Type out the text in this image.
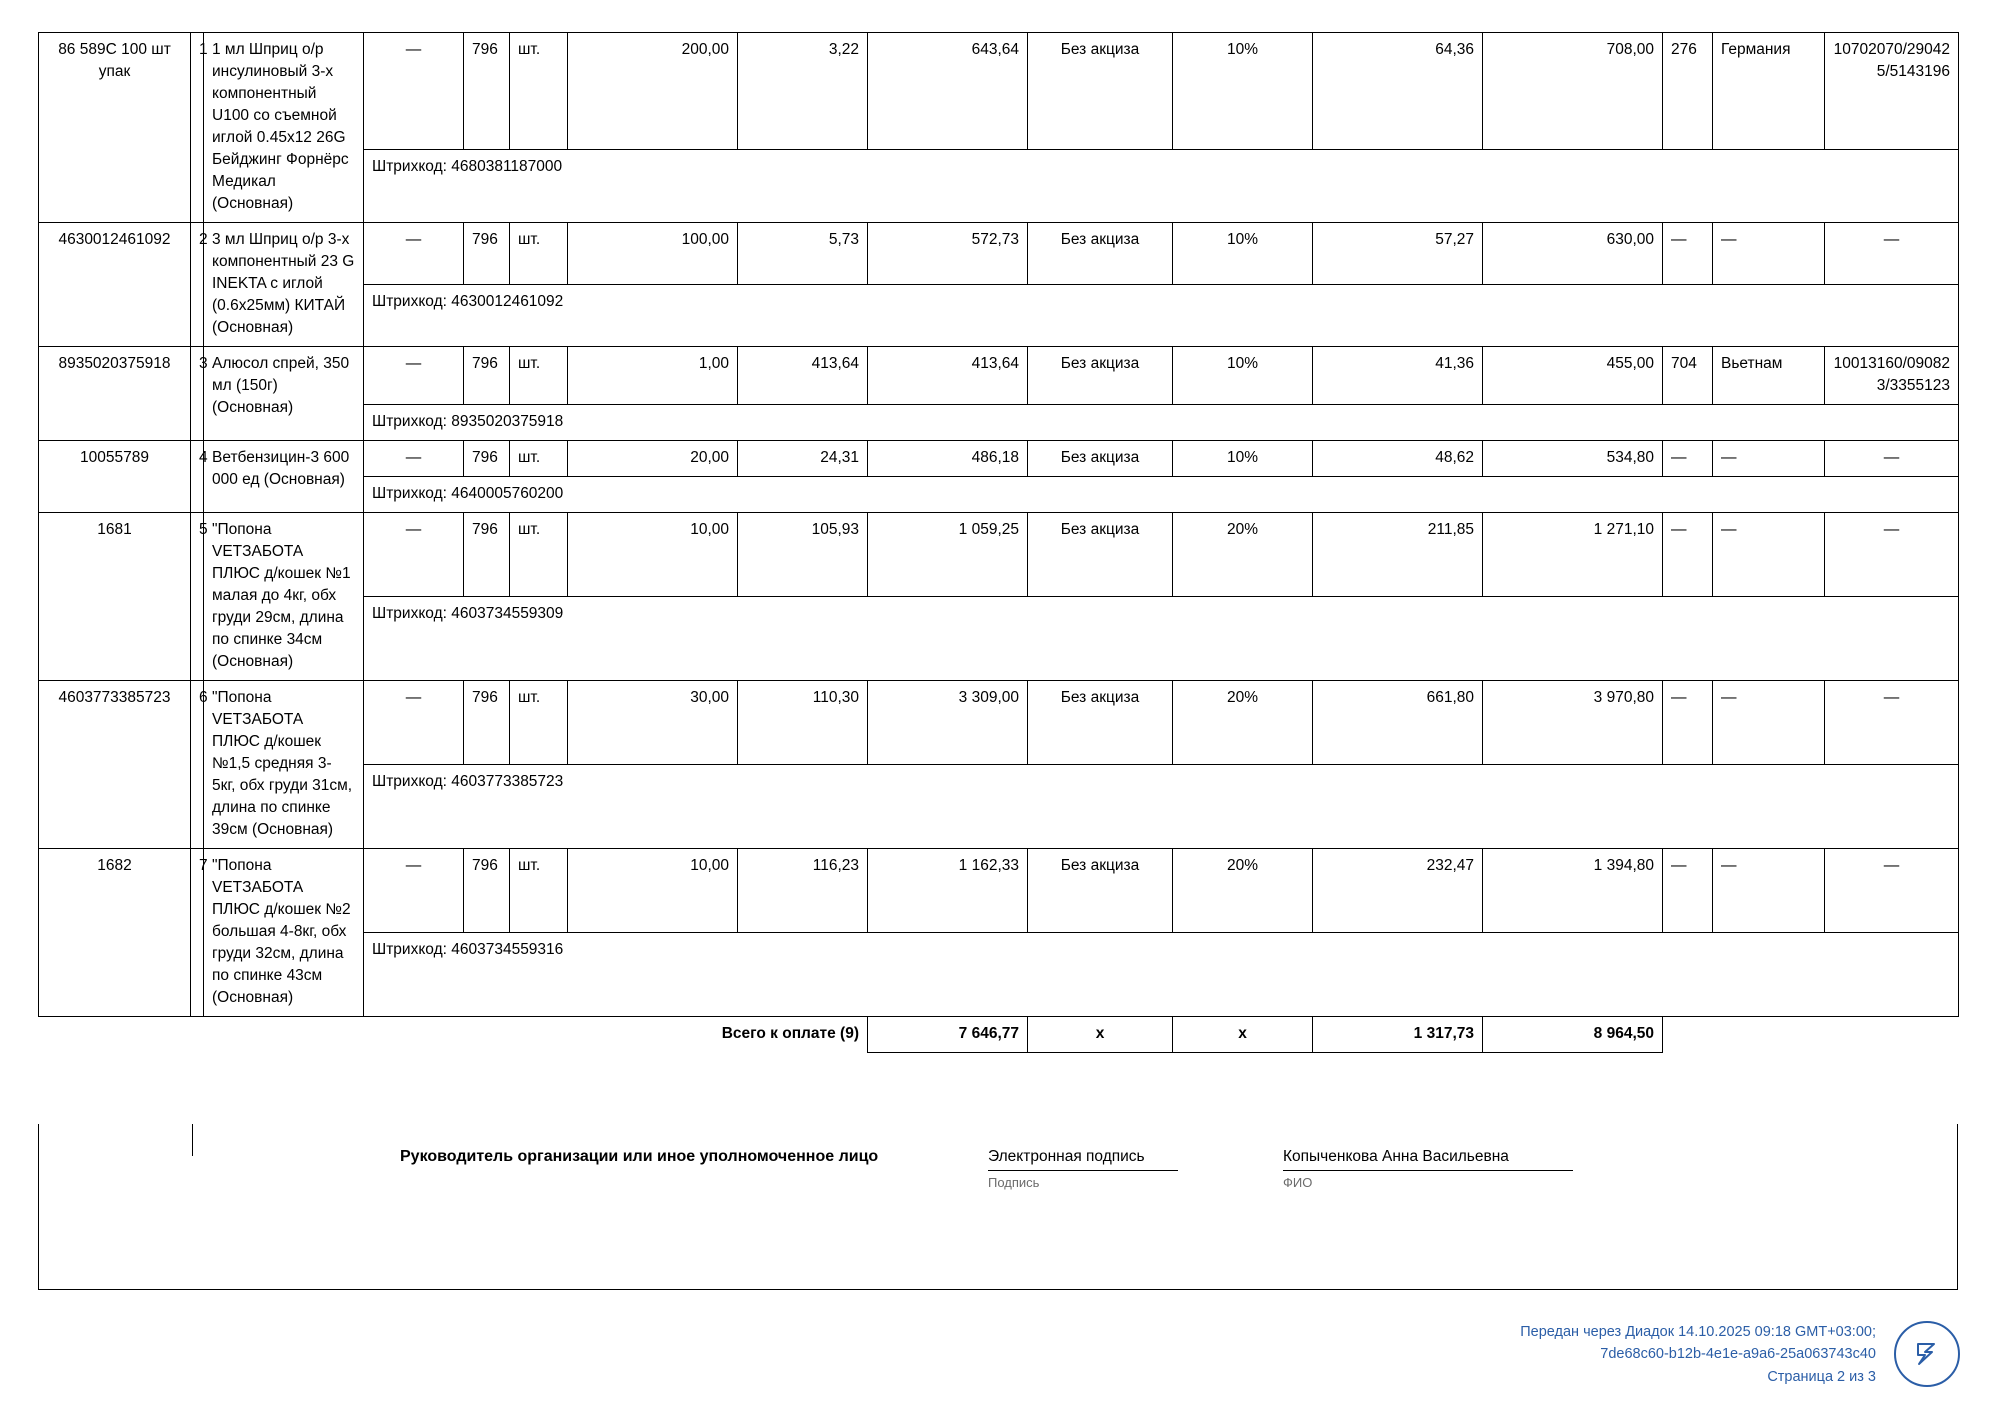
86 589C 100 шт упак	1	1 мл Шприц о/р инсулиновый 3-х компонентный U100 со съемной иглой 0.45x12 26G Бейджинг Форнёрс Медикал (Основная)	—	796	шт.	200,00	3,22	643,64	Без акциза	10%	64,36	708,00	276	Германия	10702070/290425/5143196
			Штрихкод: 4680381187000												
4630012461092	2	3 мл Шприц о/р 3-х компонентный 23 G INEKTA с иглой (0.6x25мм) КИТАЙ (Основная)	—	796	шт.	100,00	5,73	572,73	Без акциза	10%	57,27	630,00	—	—	—
			Штрихкод: 4630012461092												
8935020375918	3	Алюсол спрей, 350 мл (150г) (Основная)	—	796	шт.	1,00	413,64	413,64	Без акциза	10%	41,36	455,00	704	Вьетнам	10013160/090823/3355123
			Штрихкод: 8935020375918												
10055789	4	Ветбензицин-3 600 000 ед (Основная)	—	796	шт.	20,00	24,31	486,18	Без акциза	10%	48,62	534,80	—	—	—
			Штрихкод: 4640005760200												
1681	5	"Попона VETЗАБОТА ПЛЮС д/кошек №1 малая до 4кг, обх груди 29см, длина по спинке 34см (Основная)	—	796	шт.	10,00	105,93	1 059,25	Без акциза	20%	211,85	1 271,10	—	—	—
			Штрихкод: 4603734559309												
4603773385723	6	"Попона VETЗАБОТА ПЛЮС д/кошек №1,5 средняя 3-5кг, обх груди 31см, длина по спинке 39см (Основная)	—	796	шт.	30,00	110,30	3 309,00	Без акциза	20%	661,80	3 970,80	—	—	—
			Штрихкод: 4603773385723												
1682	7	"Попона VETЗАБОТА ПЛЮС д/кошек №2 большая 4-8кг, обх груди 32см, длина по спинке 43см (Основная)	—	796	шт.	10,00	116,23	1 162,33	Без акциза	20%	232,47	1 394,80	—	—	—
			Штрихкод: 4603734559316												
	Всего к оплате (9)							7 646,77	x	x	1 317,73	8 964,50			
Руководитель организации или иное уполномоченное лицо	Электронная подпись
Подпись
Копыченкова Анна Васильевна
ФИО
Передан через Диадок 14.10.2025 09:18 GMT+03:00;
7de68c60-b12b-4e1e-a9a6-25a063743c40
Страница 2 из 3
